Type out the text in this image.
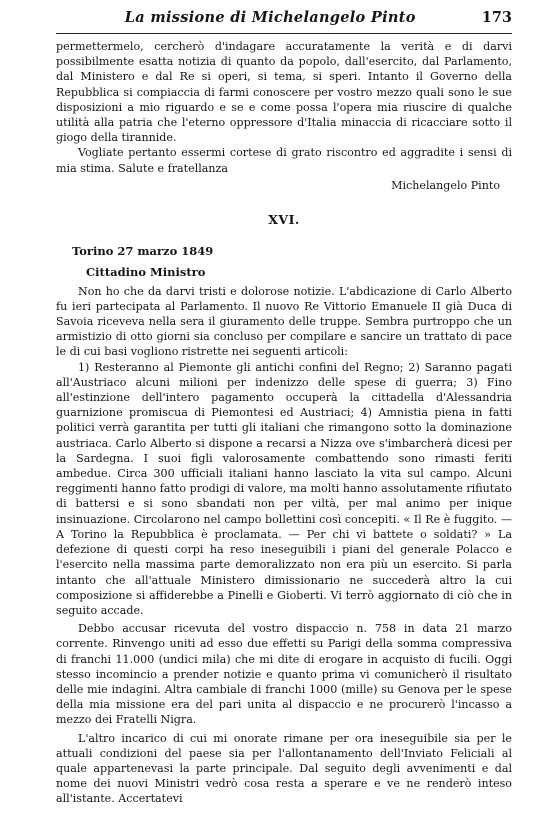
La missione di Michelangelo Pinto	173

permettermelo, cercherò d'indagare accuratamente la verità e di darvi possibilmente esatta notizia di quanto da popolo, dall'esercito, dal Parlamento, dal Ministero e dal Re si operi, si tema, si speri. Intanto il Governo della Repubblica si compiaccia di farmi conoscere per vostro mezzo quali sono le sue disposizioni a mio riguardo e se e come possa l'opera mia riuscire di qualche utilità alla patria che l'eterno oppressore d'Italia minaccia di ricacciare sotto il giogo della tirannide.

Vogliate pertanto essermi cortese di grato riscontro ed aggradite i sensi di mia stima. Salute e fratellanza

Michelangelo Pinto

XVI.
Torino 27 marzo 1849
Cittadino Ministro

Non ho che da darvi tristi e dolorose notizie. L'abdicazione di Carlo Alberto fu ieri partecipata al Parlamento. Il nuovo Re Vittorio Emanuele II già Duca di Savoia riceveva nella sera il giuramento delle truppe. Sembra purtroppo che un armistizio di otto giorni sia concluso per compilare e sancire un trattato di pace le di cui basi vogliono ristrette nei seguenti articoli:

1) Resteranno al Piemonte gli antichi confini del Regno; 2) Saranno pagati all'Austriaco alcuni milioni per indenizzo delle spese di guerra; 3) Fino all'estinzione dell'intero pagamento occuperà la cittadella d'Alessandria guarnizione promiscua di Piemontesi ed Austriaci; 4) Amnistia piena in fatti politici verrà garantita per tutti gli italiani che rimangono sotto la dominazione austriaca. Carlo Alberto si dispone a recarsi a Nizza ove s'imbarcherà dicesi per la Sardegna. I suoi figli valorosamente combattendo sono rimasti feriti ambedue. Circa 300 ufficiali italiani hanno lasciato la vita sul campo. Alcuni reggimenti hanno fatto prodigi di valore, ma molti hanno assolutamente rifiutato di battersi e si sono sbandati non per viltà, per mal animo per inique insinuazione. Circolarono nel campo bollettini così concepiti. « Il Re è fuggito. — A Torino la Repubblica è proclamata. — Per chi vi battete o soldati? » La defezione di questi corpi ha reso ineseguibili i piani del generale Polacco e l'esercito nella massima parte demoralizzato non era più un esercito. Si parla intanto che all'attuale Ministero dimissionario ne succederà altro la cui composizione si affiderebbe a Pinelli e Gioberti. Vi terrò aggiornato di ciò che in seguito accade.

Debbo accusar ricevuta del vostro dispaccio n. 758 in data 21 marzo corrente. Rinvengo uniti ad esso due effetti su Parigi della somma compressiva di franchi 11.000 (undici mila) che mi dite di erogare in acquisto di fucili. Oggi stesso incomincio a prender notizie e quanto prima vi comunicherò il risultato delle mie indagini. Altra cambiale di franchi 1000 (mille) su Genova per le spese della mia missione era del pari unita al dispaccio e ne procurerò l'incasso a mezzo dei Fratelli Nigra.

L'altro incarico di cui mi onorate rimane per ora ineseguibile sia per le attuali condizioni del paese sia per l'allontanamento dell'Inviato Feliciali al quale appartenevasi la parte principale. Dal seguito degli avvenimenti e dal nome dei nuovi Ministri vedrò cosa resta a sperare e ve ne renderò inteso all'istante. Accertatevi
